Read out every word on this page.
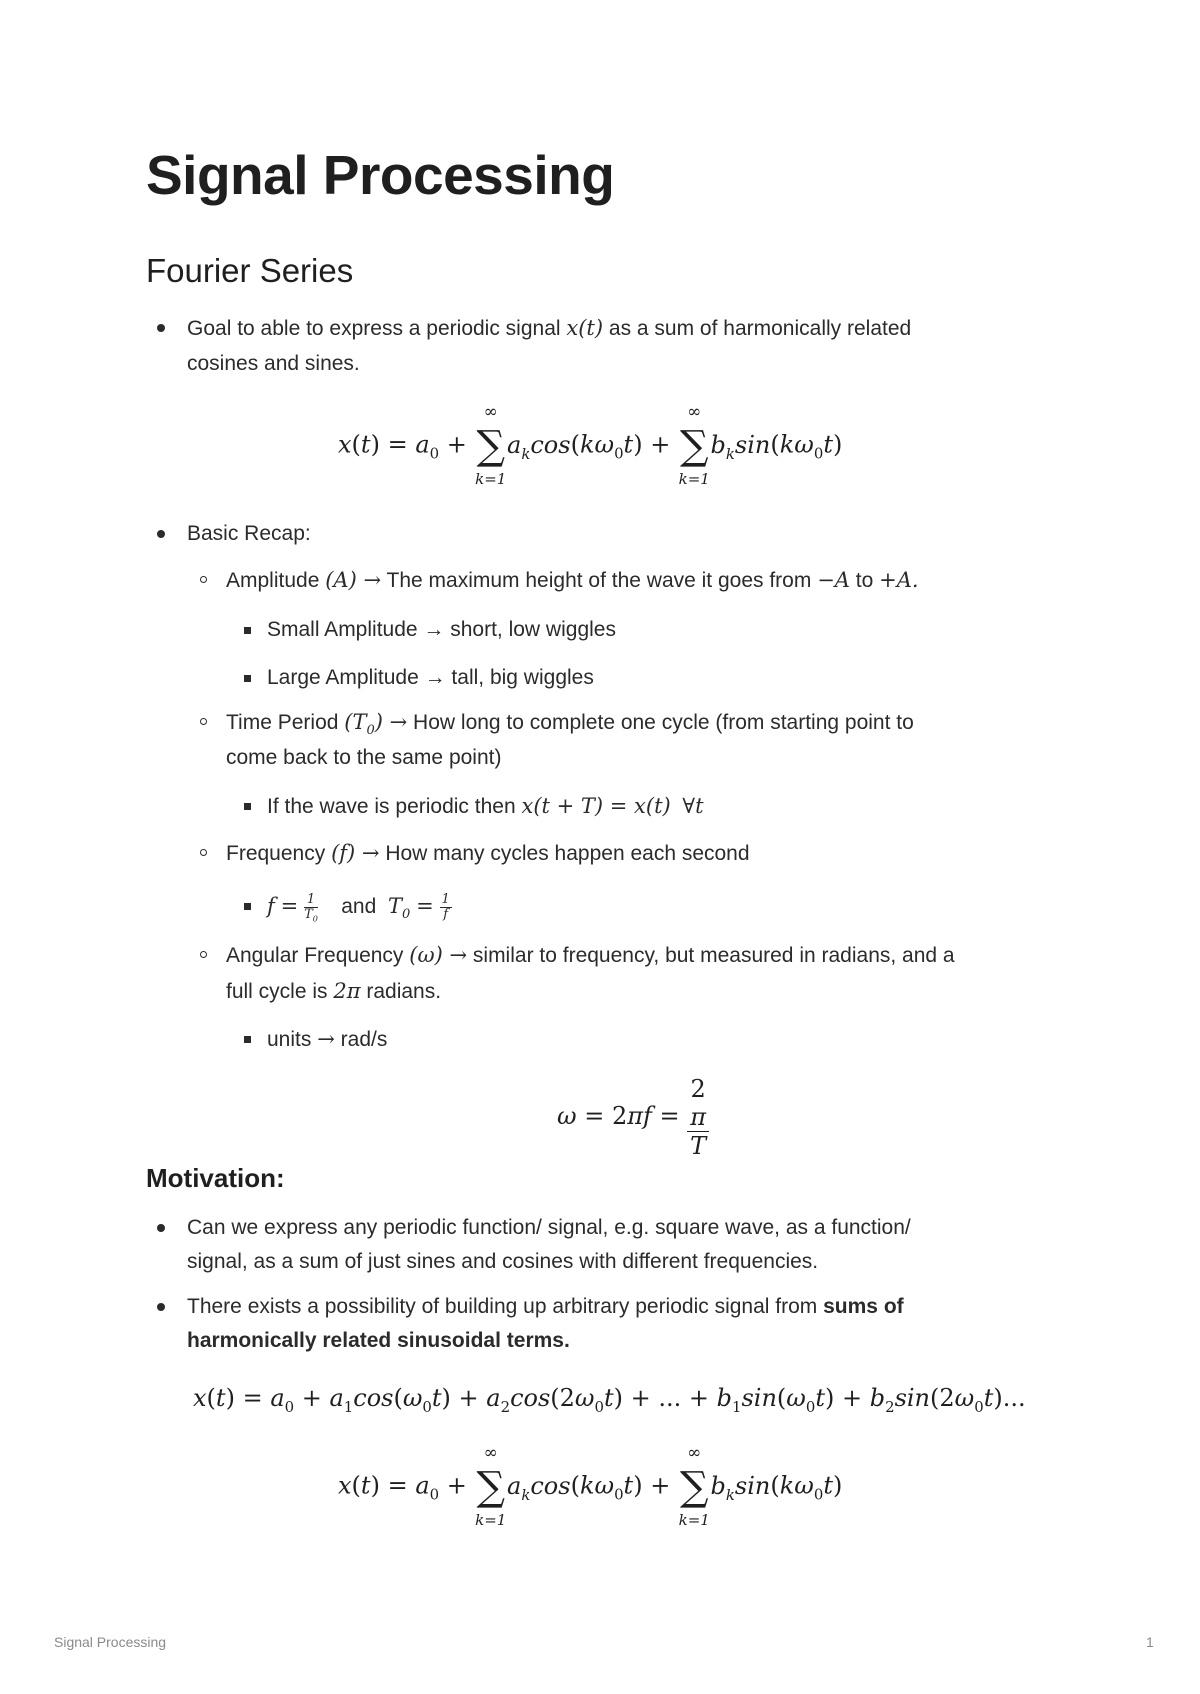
Signal Processing
Fourier Series
Goal to able to express a periodic signal x(t) as a sum of harmonically related
cosines and sines.
$x(t) = a_0$ +
∞
∑
k=1
$a_k\cos(k\omega_0t)$ +
∞
∑
k=1
$b_k\sin(k\omega_0t)$
Basic Recap:
Amplitude (A) → The maximum height of the wave it goes from −A to +A.
Small Amplitude → short, low wiggles
Large Amplitude → tall, big wiggles
Time Period $(T_0)$ → How long to complete one cycle (from starting point to
come back to the same point)
If the wave is periodic then x(t + T) = x(t) ∀t
Frequency (f) → How many cycles happen each second
$f = \frac{1}{T_0}$ and $T_0 = \frac{1}{f}$
Angular Frequency (ω) → similar to frequency, but measured in radians, and a
full cycle is 2π radians.
units → rad/s
ω = 2πf = 2
π
T
Motivation:
Can we express any periodic function/ signal, e.g. square wave, as a function/
signal, as a sum of just sines and cosines with different frequencies.
There exists a possibility of building up arbitrary periodic signal from sums of
harmonically related sinusoidal terms.
$x(t) = a_0 + a_1\cos(\omega_0t) + a_2\cos(2\omega_0t)$ + ... + $b_1\sin(\omega_0t) + b_2\sin(2\omega_0t)$...
$x(t) = a_0$ +
∞
∑
k=1
$a_k\cos(k\omega_0t)$ +
∞
∑
k=1
$b_k\sin(k\omega_0t)$
Signal Processing	1
